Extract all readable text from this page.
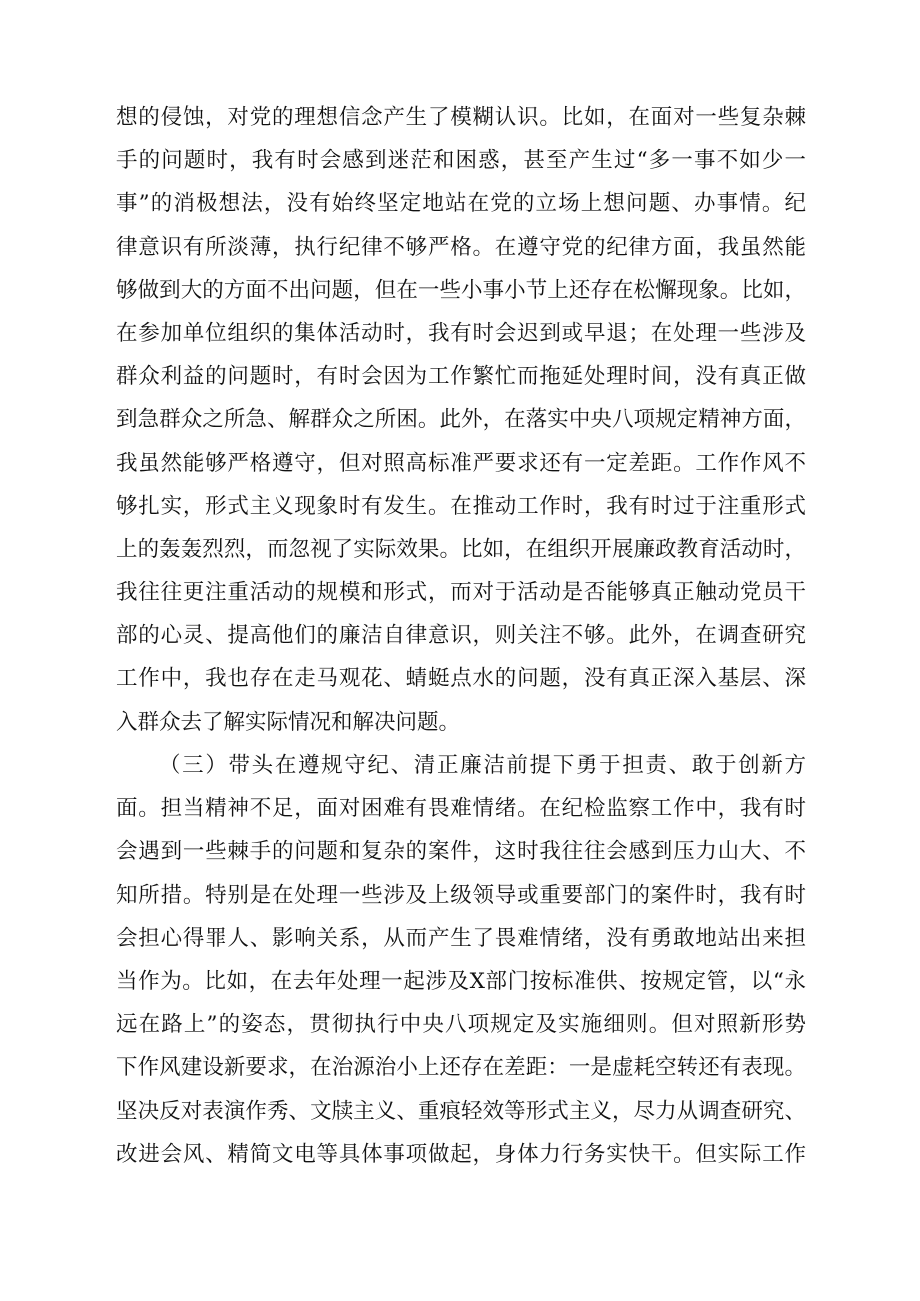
想的侵蚀，对党的理想信念产生了模糊认识。比如，在面对一些复杂棘
手的问题时，我有时会感到迷茫和困惑，甚至产生过“多一事不如少一
事”的消极想法，没有始终坚定地站在党的立场上想问题、办事情。纪
律意识有所淡薄，执行纪律不够严格。在遵守党的纪律方面，我虽然能
够做到大的方面不出问题，但在一些小事小节上还存在松懈现象。比如，
在参加单位组织的集体活动时，我有时会迟到或早退；在处理一些涉及
群众利益的问题时，有时会因为工作繁忙而拖延处理时间，没有真正做
到急群众之所急、解群众之所困。此外，在落实中央八项规定精神方面，
我虽然能够严格遵守，但对照高标准严要求还有一定差距。工作作风不
够扎实，形式主义现象时有发生。在推动工作时，我有时过于注重形式
上的轰轰烈烈，而忽视了实际效果。比如，在组织开展廉政教育活动时，
我往往更注重活动的规模和形式，而对于活动是否能够真正触动党员干
部的心灵、提高他们的廉洁自律意识，则关注不够。此外，在调查研究
工作中，我也存在走马观花、蜻蜓点水的问题，没有真正深入基层、深
入群众去了解实际情况和解决问题。
（三）带头在遵规守纪、清正廉洁前提下勇于担责、敢于创新方
面。担当精神不足，面对困难有畏难情绪。在纪检监察工作中，我有时
会遇到一些棘手的问题和复杂的案件，这时我往往会感到压力山大、不
知所措。特别是在处理一些涉及上级领导或重要部门的案件时，我有时
会担心得罪人、影响关系，从而产生了畏难情绪，没有勇敢地站出来担
当作为。比如，在去年处理一起涉及X部门按标准供、按规定管，以“永
远在路上”的姿态，贯彻执行中央八项规定及实施细则。但对照新形势
下作风建设新要求，在治源治小上还存在差距：一是虚耗空转还有表现。
坚决反对表演作秀、文牍主义、重痕轻效等形式主义，尽力从调查研究、
改进会风、精简文电等具体事项做起，身体力行务实快干。但实际工作
